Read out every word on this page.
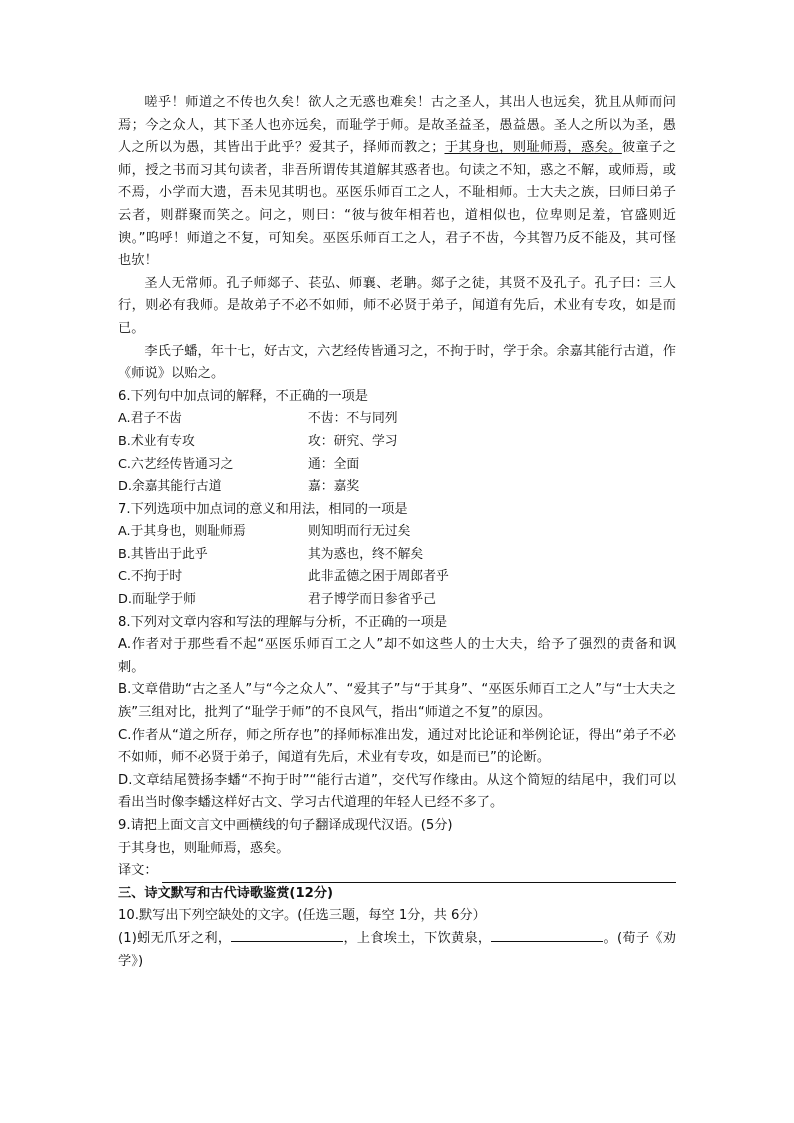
嗟乎！师道之不传也久矣！欲人之无惑也难矣！古之圣人，其出人也远矣，犹且从师而问焉；今之众人，其下圣人也亦远矣，而耻学于师。是故圣益圣，愚益愚。圣人之所以为圣，愚人之所以为愚，其皆出于此乎？爱其子，择师而教之；于其身也，则耻师焉，惑矣。彼童子之师，授之书而习其句读者，非吾所谓传其道解其惑者也。句读之不知，惑之不解，或师焉，或不焉，小学而大遗，吾未见其明也。巫医乐师百工之人，不耻相师。士大夫之族，曰师曰弟子云者，则群聚而笑之。问之，则曰：“彼与彼年相若也，道相似也，位卑则足羞，官盛则近谀。”呜呼！师道之不复，可知矣。巫医乐师百工之人，君子不齿，今其智乃反不能及，其可怪也欤！

圣人无常师。孔子师郯子、苌弘、师襄、老聃。郯子之徒，其贤不及孔子。孔子曰：三人行，则必有我师。是故弟子不必不如师，师不必贤于弟子，闻道有先后，术业有专攻，如是而已。

李氏子蟠，年十七，好古文，六艺经传皆通习之，不拘于时，学于余。余嘉其能行古道，作《师说》以贻之。

6.下列句中加点词的解释，不正确的一项是

A.君子不齿	不齿：不与同列
B.术业有专攻	攻：研究、学习
C.六艺经传皆通习之	通：全面
D.余嘉其能行古道	嘉：嘉奖

7.下列选项中加点词的意义和用法，相同的一项是

A.于其身也，则耻师焉	则知明而行无过矣
B.其皆出于此乎	其为惑也，终不解矣
C.不拘于时	此非孟德之困于周郎者乎
D.而耻学于师	君子博学而日参省乎己

8.下列对文章内容和写法的理解与分析，不正确的一项是

A.作者对于那些看不起“巫医乐师百工之人”却不如这些人的士大夫，给予了强烈的责备和讽刺。

B.文章借助“古之圣人”与“今之众人”、“爱其子”与“于其身”、“巫医乐师百工之人”与“士大夫之族”三组对比，批判了“耻学于师”的不良风气，指出“师道之不复”的原因。

C.作者从“道之所存，师之所存也”的择师标准出发，通过对比论证和举例论证，得出“弟子不必不如师，师不必贤于弟子，闻道有先后，术业有专攻，如是而已”的论断。

D.文章结尾赞扬李蟠“不拘于时”“能行古道”，交代写作缘由。从这个简短的结尾中，我们可以看出当时像李蟠这样好古文、学习古代道理的年轻人已经不多了。

9.请把上面文言文中画横线的句子翻译成现代汉语。(5分)

于其身也，则耻师焉，惑矣。

译文：

三、诗文默写和古代诗歌鉴赏(12分)

10.默写出下列空缺处的文字。(任选三题，每空 1分，共 6分）

(1)蚓无爪牙之利，	，上食埃土，下饮黄泉，	。(荀子《劝学》)
